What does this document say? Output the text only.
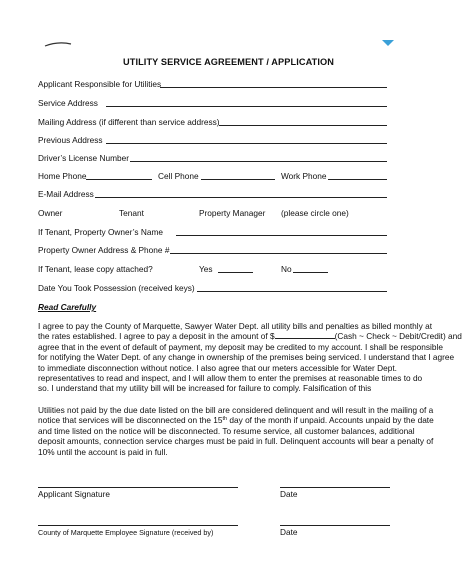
UTILITY SERVICE AGREEMENT / APPLICATION
Applicant Responsible for Utilities
Service Address
Mailing Address (if different than service address)
Previous Address
Driver’s License Number
Home Phone	Cell Phone	Work Phone
E-Mail Address
Owner	Tenant	Property Manager (please circle one)
If Tenant, Property Owner’s Name
Property Owner Address & Phone #
If Tenant, lease copy attached?	Yes	No
Date You Took Possession (received keys)
Read Carefully
I agree to pay the County of Marquette, Sawyer Water Dept. all utility bills and penalties as billed monthly at
the rates established. I agree to pay a deposit in the amount of $	(Cash ~ Check ~ Debit/Credit) and
agree that in the event of default of payment, my deposit may be credited to my account. I shall be responsible
for notifying the Water Dept. of any change in ownership of the premises being serviced. I understand that I agree
to immediate disconnection without notice. I also agree that our meters accessible for Water Dept.
representatives to read and inspect, and I will allow them to enter the premises at reasonable times to do
so. I understand that my utility bill will be increased for failure to comply. Falsification of this
Utilities not paid by the due date listed on the bill are considered delinquent and will result in the mailing of a
notice that services will be disconnected on the 15th day of the month if unpaid. Accounts unpaid by the date
and time listed on the notice will be disconnected. To resume service, all customer balances, additional
deposit amounts, connection service charges must be paid in full. Delinquent accounts will bear a penalty of
10% until the account is paid in full.
Applicant Signature	Date
County of Marquette Employee Signature (received by)	Date
